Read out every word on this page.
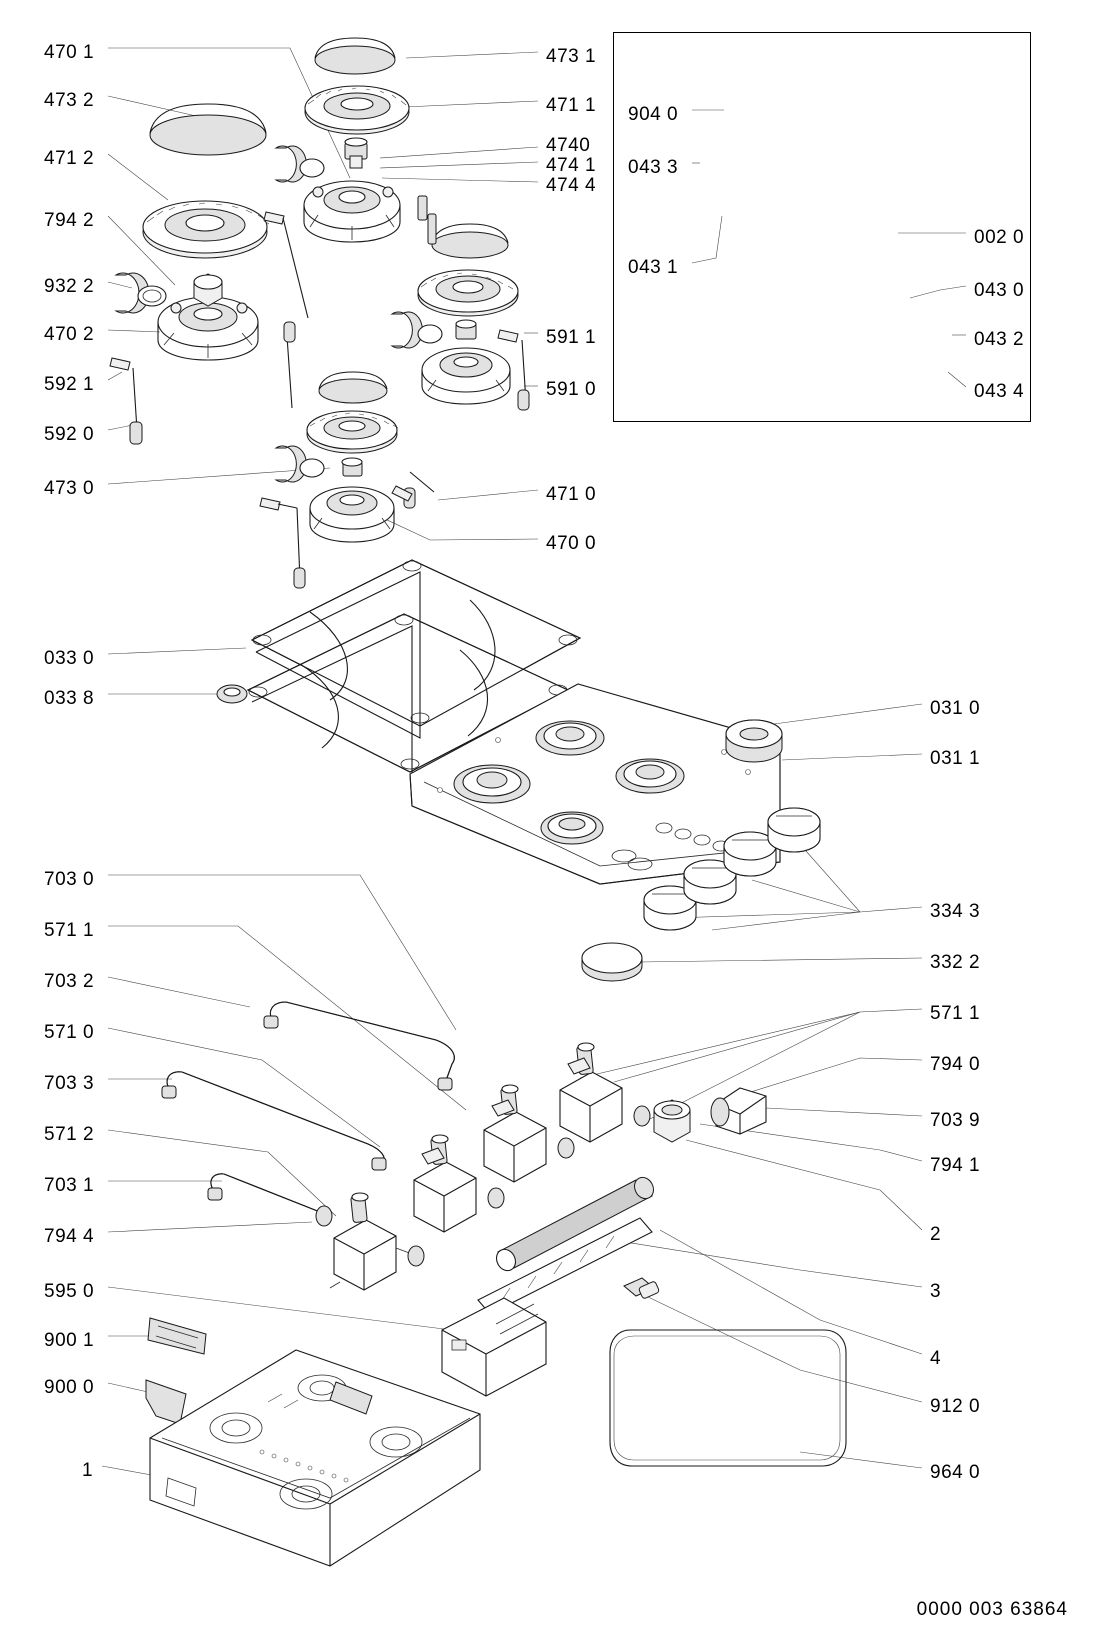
470 1
473 2
471 2
794 2
932 2
470 2
592 1
592 0
473 0
033 0
033 8
703 0
571 1
703 2
571 0
703 3
571 2
703 1
794 4
595 0
900 1
900 0
1
473 1
471 1
4740
474 1
474 4
591 1
591 0
471 0
470 0
031 0
031 1
334 3
332 2
571 1
794 0
703 9
794 1
2
3
4
912 0
964 0
904 0
043 3
043 1
002 0
043 0
043 2
043 4
0000 003 63864
